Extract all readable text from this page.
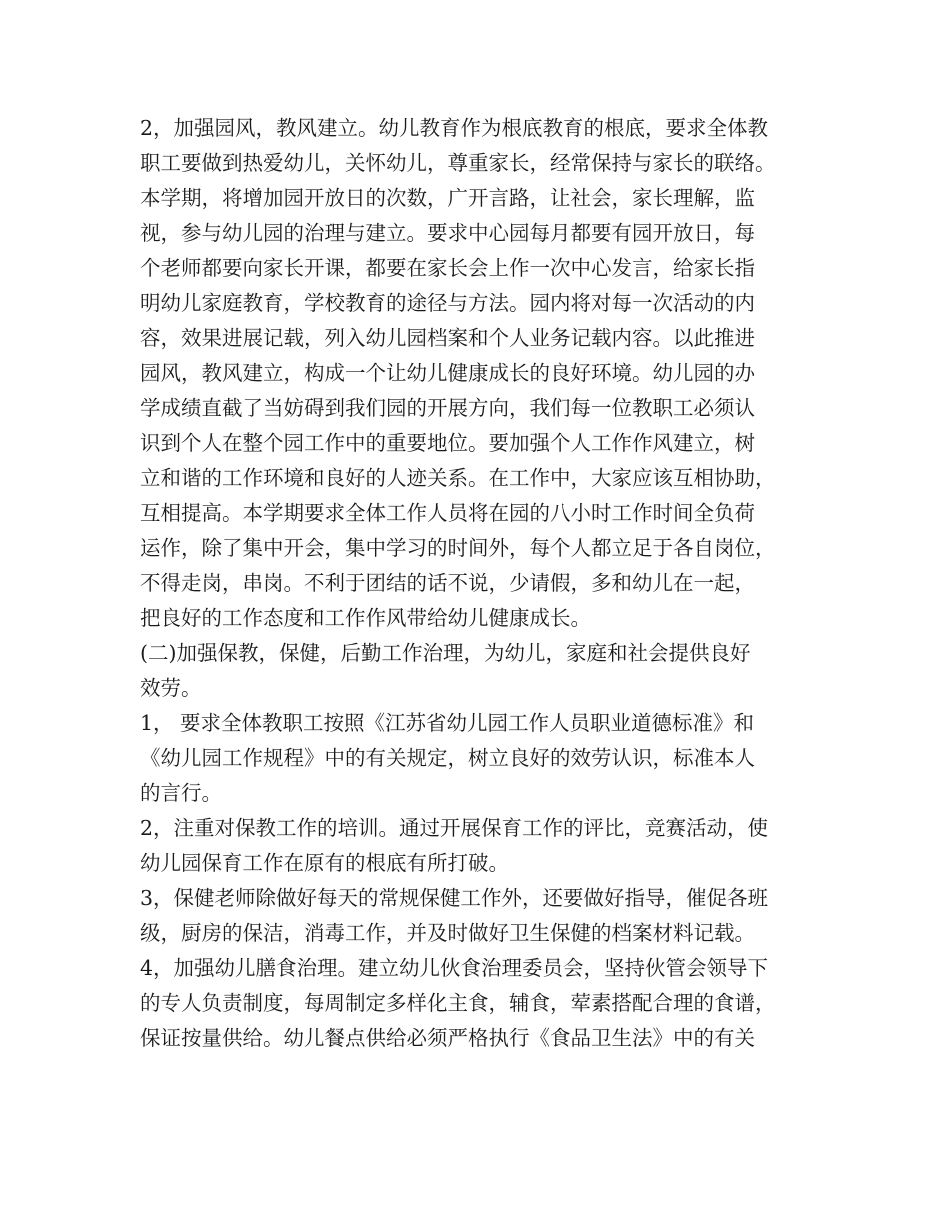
2，加强园风，教风建立。幼儿教育作为根底教育的根底，要求全体教
职工要做到热爱幼儿，关怀幼儿，尊重家长，经常保持与家长的联络。
本学期，将增加园开放日的次数，广开言路，让社会，家长理解，监
视，参与幼儿园的治理与建立。要求中心园每月都要有园开放日，每
个老师都要向家长开课，都要在家长会上作一次中心发言，给家长指
明幼儿家庭教育，学校教育的途径与方法。园内将对每一次活动的内
容，效果进展记载，列入幼儿园档案和个人业务记载内容。以此推进
园风，教风建立，构成一个让幼儿健康成长的良好环境。幼儿园的办
学成绩直截了当妨碍到我们园的开展方向，我们每一位教职工必须认
识到个人在整个园工作中的重要地位。要加强个人工作作风建立，树
立和谐的工作环境和良好的人迹关系。在工作中，大家应该互相协助，
互相提高。本学期要求全体工作人员将在园的八小时工作时间全负荷
运作，除了集中开会，集中学习的时间外，每个人都立足于各自岗位，
不得走岗，串岗。不利于团结的话不说，少请假，多和幼儿在一起，
把良好的工作态度和工作作风带给幼儿健康成长。
(二)加强保教，保健，后勤工作治理，为幼儿，家庭和社会提供良好
效劳。
1， 要求全体教职工按照《江苏省幼儿园工作人员职业道德标准》和
《幼儿园工作规程》中的有关规定，树立良好的效劳认识，标准本人
的言行。
2，注重对保教工作的培训。通过开展保育工作的评比，竞赛活动，使
幼儿园保育工作在原有的根底有所打破。
3，保健老师除做好每天的常规保健工作外，还要做好指导，催促各班
级，厨房的保洁，消毒工作，并及时做好卫生保健的档案材料记载。
4，加强幼儿膳食治理。建立幼儿伙食治理委员会，坚持伙管会领导下
的专人负责制度，每周制定多样化主食，辅食，荤素搭配合理的食谱，
保证按量供给。幼儿餐点供给必须严格执行《食品卫生法》中的有关
